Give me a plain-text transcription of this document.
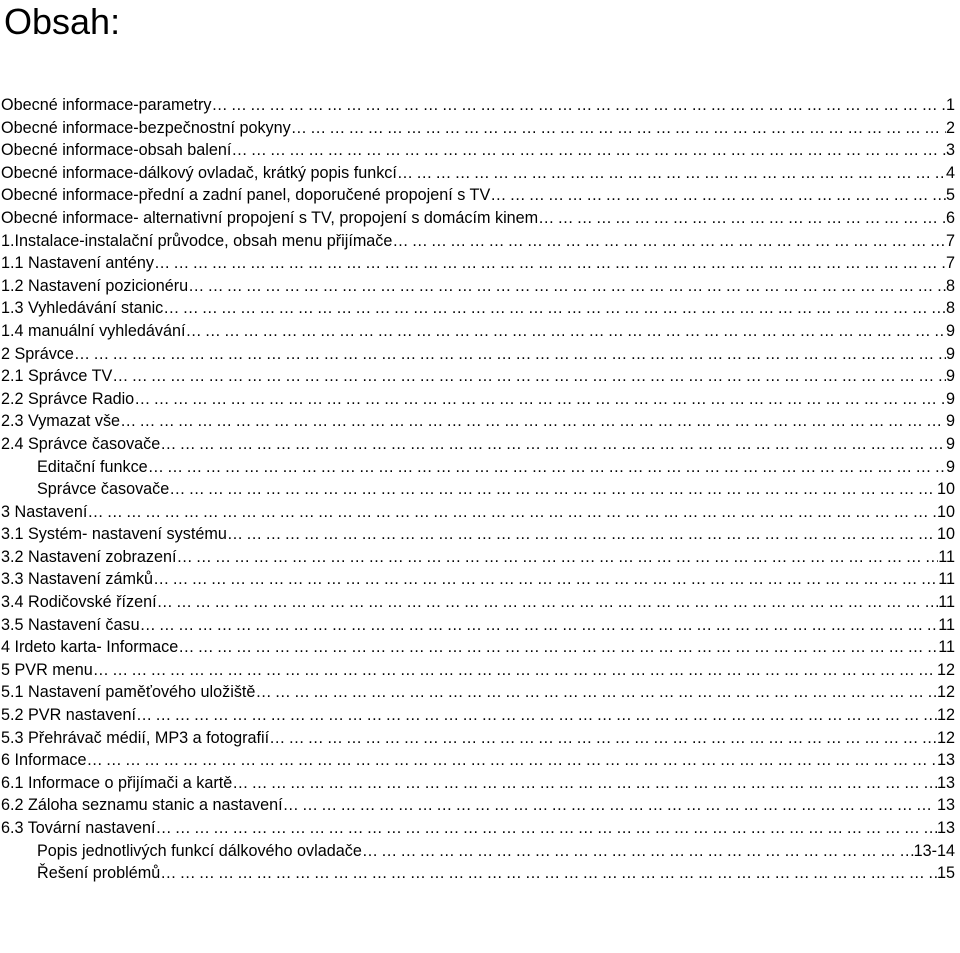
Obsah:
Obecné informace-parametry …………………………………………………………………………………………………………………………………………………………………………	1
Obecné informace-bezpečnostní pokyny …………………………………………………………………………………………………………………………………………………………………………	2
Obecné informace-obsah balení …………………………………………………………………………………………………………………………………………………………………………	3
Obecné informace-dálkový ovladač, krátký popis funkcí …………………………………………………………………………………………………………………………………………………………………………	4
Obecné informace-přední a zadní panel, doporučené propojení s TV …………………………………………………………………………………………………………………………………………………………………………	5
Obecné informace- alternativní propojení s TV, propojení s domácím kinem …………………………………………………………………………………………………………………………………………………………………………	6
1.Instalace-instalační průvodce, obsah menu přijímače …………………………………………………………………………………………………………………………………………………………………………	7
1.1 Nastavení antény …………………………………………………………………………………………………………………………………………………………………………	7
1.2 Nastavení pozicionéru …………………………………………………………………………………………………………………………………………………………………………	8
1.3 Vyhledávání stanic …………………………………………………………………………………………………………………………………………………………………………	8
1.4 manuální vyhledávání …………………………………………………………………………………………………………………………………………………………………………	9
2 Správce …………………………………………………………………………………………………………………………………………………………………………	9
2.1 Správce TV …………………………………………………………………………………………………………………………………………………………………………	9
2.2 Správce Radio …………………………………………………………………………………………………………………………………………………………………………	9
2.3 Vymazat vše …………………………………………………………………………………………………………………………………………………………………………	9
2.4 Správce časovače …………………………………………………………………………………………………………………………………………………………………………	9
Editační funkce …………………………………………………………………………………………………………………………………………………………………………	9
Správce časovače …………………………………………………………………………………………………………………………………………………………………………	10
3 Nastavení …………………………………………………………………………………………………………………………………………………………………………	10
3.1 Systém- nastavení systému …………………………………………………………………………………………………………………………………………………………………………	10
3.2 Nastavení zobrazení …………………………………………………………………………………………………………………………………………………………………………	11
3.3 Nastavení zámků …………………………………………………………………………………………………………………………………………………………………………	11
3.4 Rodičovské řízení …………………………………………………………………………………………………………………………………………………………………………	11
3.5 Nastavení času …………………………………………………………………………………………………………………………………………………………………………	11
4 Irdeto karta- Informace …………………………………………………………………………………………………………………………………………………………………………	11
5 PVR menu …………………………………………………………………………………………………………………………………………………………………………	12
5.1 Nastavení paměťového uložiště …………………………………………………………………………………………………………………………………………………………………………	12
5.2 PVR nastavení …………………………………………………………………………………………………………………………………………………………………………	12
5.3 Přehrávač médií, MP3 a fotografií …………………………………………………………………………………………………………………………………………………………………………	12
6 Informace …………………………………………………………………………………………………………………………………………………………………………	13
6.1 Informace o přijímači a kartě …………………………………………………………………………………………………………………………………………………………………………	13
6.2 Záloha seznamu stanic a nastavení …………………………………………………………………………………………………………………………………………………………………………	13
6.3 Tovární nastavení …………………………………………………………………………………………………………………………………………………………………………	13
Popis jednotlivých funkcí dálkového ovladače …………………………………………………………………………………………………………………………………………………………………………	13-14
Řešení problémů …………………………………………………………………………………………………………………………………………………………………………	15
